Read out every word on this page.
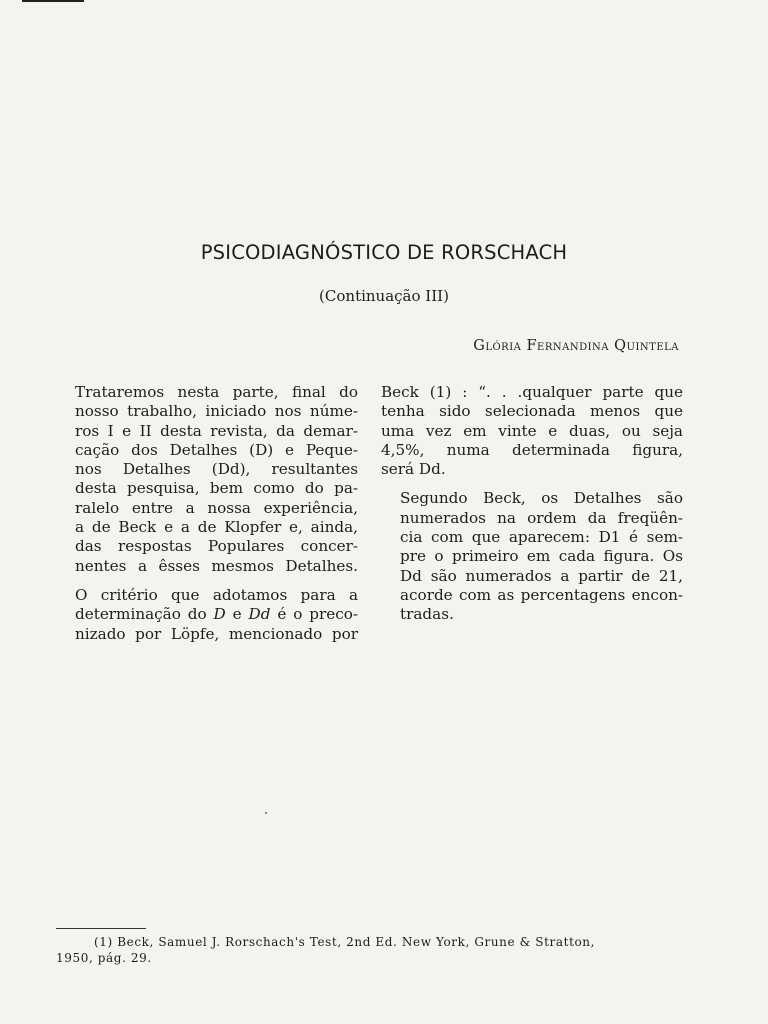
PSICODIAGNÓSTICO DE RORSCHACH
(Continuação III)
Glória Fernandina Quintela

Trataremos nesta parte, final do
nosso trabalho, iniciado nos núme-
ros I e II desta revista, da demar-
cação dos Detalhes (D) e Peque-
nos Detalhes (Dd), resultantes
desta pesquisa, bem como do pa-
ralelo entre a nossa experiência,
a de Beck e a de Klopfer e, ainda,
das respostas Populares concer-
nentes a êsses mesmos Detalhes.

O critério que adotamos para a
determinação do D e Dd é o preco-
nizado por Löpfe, mencionado por

Beck (1) : “. . .qualquer parte que
tenha sido selecionada menos que
uma vez em vinte e duas, ou seja
4,5%, numa determinada figura,
será Dd.

Segundo Beck, os Detalhes são
numerados na ordem da freqüên-
cia com que aparecem: D1 é sem-
pre o primeiro em cada figura. Os
Dd são numerados a partir de 21,
acorde com as percentagens encon-
tradas.

(1) Beck, Samuel J. Rorschach's Test, 2nd Ed. New York, Grune & Stratton,
1950, pág. 29.
